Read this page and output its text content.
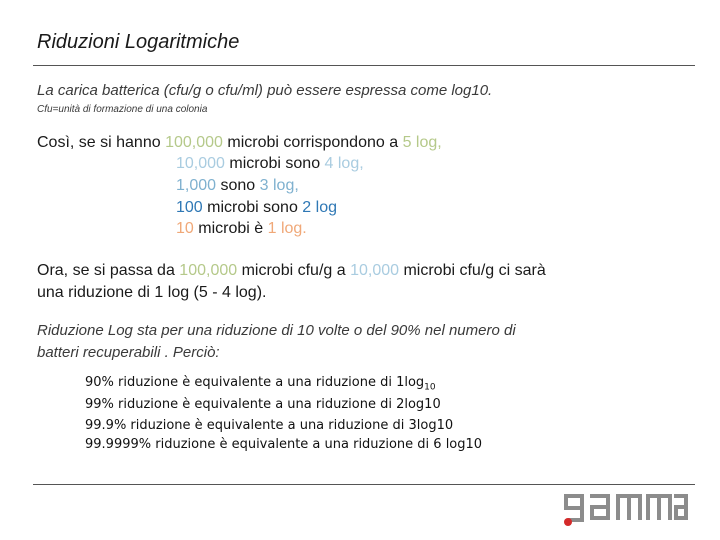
Riduzioni Logaritmiche
La carica batterica (cfu/g o cfu/ml) può essere espressa come log10.
Cfu=unità di formazione di una colonia
Così, se si hanno 100,000 microbi corrispondono a 5 log,
10,000 microbi sono 4 log,
1,000 sono 3 log,
100 microbi sono 2 log
10 microbi è 1 log.
Ora, se si passa da 100,000 microbi cfu/g a 10,000 microbi cfu/g ci sarà
una riduzione di 1 log (5 - 4 log).
Riduzione Log sta per una riduzione di 10 volte o del 90% nel numero di
batteri recuperabili . Perciò:
90% riduzione è equivalente a una riduzione di $1\log_{10}$
99% riduzione è equivalente a una riduzione di 2log10
99.9% riduzione è equivalente a una riduzione di 3log10
99.9999% riduzione è equivalente a una riduzione di 6 log10
